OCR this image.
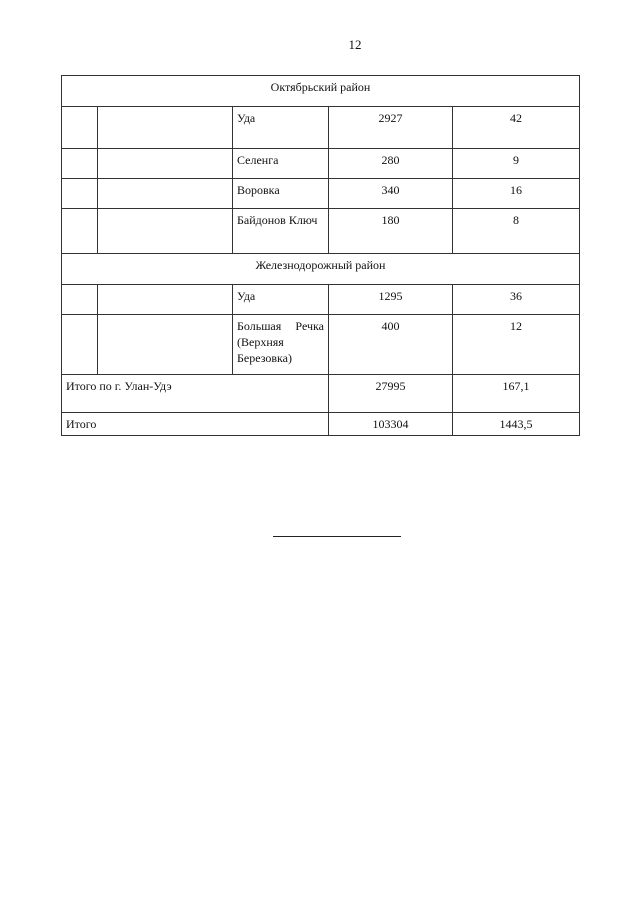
12
Октябрьский район				
		Уда	2927	42
		Селенга	280	9
		Воровка	340	16
		Байдонов Ключ	180	8
Железнодорожный район				
		Уда	1295	36
		Большая Речка (Верхняя Березовка)	400	12
Итого по г. Улан-Удэ			27995	167,1
Итого			103304	1443,5
